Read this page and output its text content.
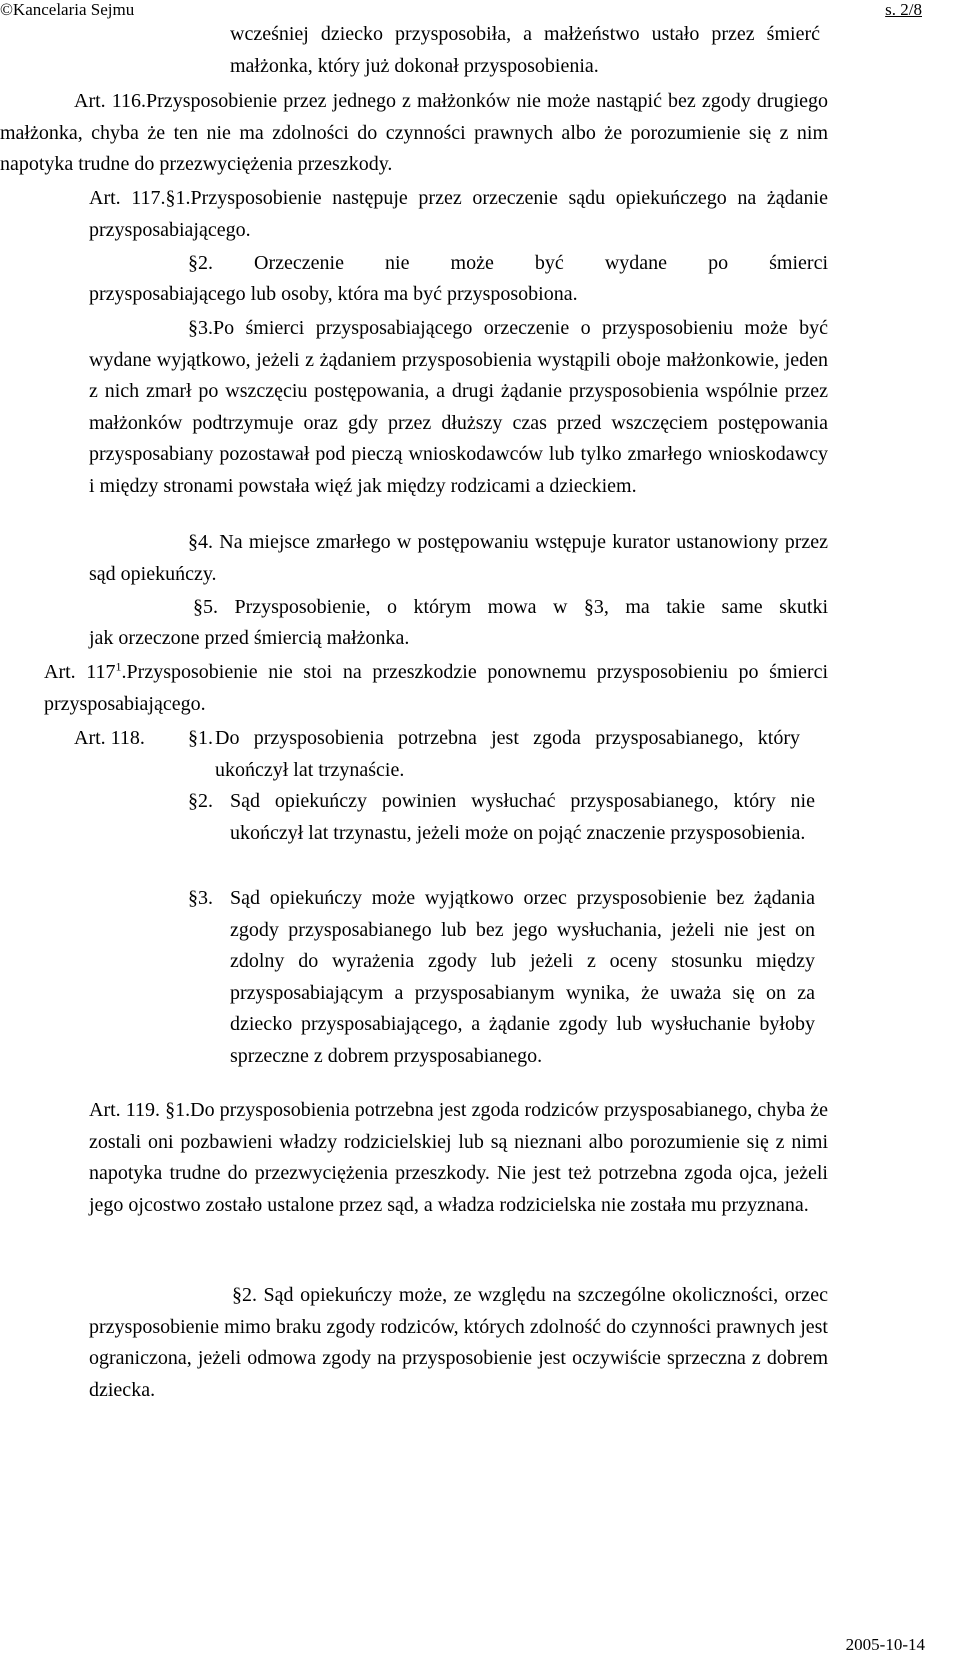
©Kancelaria Sejmu	s. 2/8

wcześniej dziecko przysposobiła, a małżeństwo ustało przez śmierć małżonka, który już dokonał przysposobienia.

Art. 116.Przysposobienie przez jednego z małżonków nie może nastąpić bez zgody drugiego małżonka, chyba że ten nie ma zdolności do czynności prawnych albo że porozumienie się z nim napotyka trudne do przezwyciężenia przeszkody.

Art. 117.§1.Przysposobienie następuje przez orzeczenie sądu opiekuńczego na żądanie przysposabiającego.

§2. Orzeczenie nie może być wydane po śmierci

przysposabiającego lub osoby, która ma być przysposobiona.

§3.Po śmierci przysposabiającego orzeczenie o przysposobieniu może być wydane wyjątkowo, jeżeli z żądaniem przysposobienia wystąpili oboje małżonkowie, jeden z nich zmarł po wszczęciu postępowania, a drugi żądanie przysposobienia wspólnie przez małżonków podtrzymuje oraz gdy przez dłuższy czas przed wszczęciem postępowania przysposabiany pozostawał pod pieczą wnioskodawców lub tylko zmarłego wnioskodawcy i między stronami powstała więź jak między rodzicami a dzieckiem.

§4. Na miejsce zmarłego w postępowaniu wstępuje kurator ustanowiony przez sąd opiekuńczy.

§5. Przysposobienie, o którym mowa w §3, ma takie same skutki

jak orzeczone przed śmiercią małżonka.

Art. $117^1.Przysposobienie$ nie stoi na przeszkodzie ponownemu przysposobieniu po śmierci przysposabiającego.

Art. 118. §1. Do przysposobienia potrzebna jest zgoda przysposabianego, który ukończył lat trzynaście.

§2. Sąd opiekuńczy powinien wysłuchać przysposabianego, który nie ukończył lat trzynastu, jeżeli może on pojąć znaczenie przysposobienia.

§3. Sąd opiekuńczy może wyjątkowo orzec przysposobienie bez żądania zgody przysposabianego lub bez jego wysłuchania, jeżeli nie jest on zdolny do wyrażenia zgody lub jeżeli z oceny stosunku między przysposabiającym a przysposabianym wynika, że uważa się on za dziecko przysposabiającego, a żądanie zgody lub wysłuchanie byłoby sprzeczne z dobrem przysposabianego.

Art. 119. §1.Do przysposobienia potrzebna jest zgoda rodziców przysposabianego, chyba że zostali oni pozbawieni władzy rodzicielskiej lub są nieznani albo porozumienie się z nimi napotyka trudne do przezwyciężenia przeszkody. Nie jest też potrzebna zgoda ojca, jeżeli jego ojcostwo zostało ustalone przez sąd, a władza rodzicielska nie została mu przyznana.

§2. Sąd opiekuńczy może, ze względu na szczególne okoliczności, orzec przysposobienie mimo braku zgody rodziców, których zdolność do czynności prawnych jest ograniczona, jeżeli odmowa zgody na przysposobienie jest oczywiście sprzeczna z dobrem dziecka.

2005-10-14
